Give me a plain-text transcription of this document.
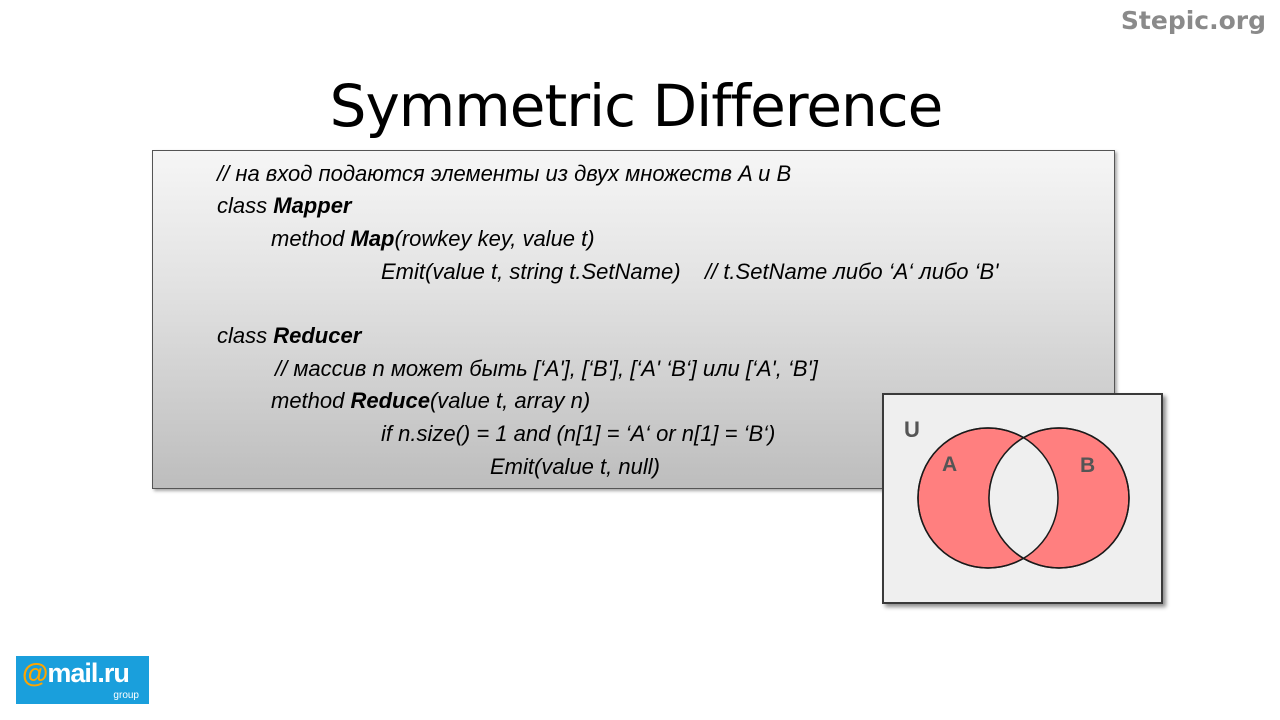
Stepic.org
Symmetric Difference
// на вход подаются элементы из двух множеств A и B
class Mapper
method Map(rowkey key, value t)
Emit(value t, string t.SetName)    // t.SetName либо ‘A‘ либо ‘B'
class Reducer
// массив n может быть [‘A'], [‘B'], [‘A' ‘B‘] или [‘A', ‘B']
method Reduce(value t, array n)
if n.size() = 1 and (n[1] = ‘A‘ or n[1] = ‘B‘)
Emit(value t, null)
U
A	B
@mail.ru
group
